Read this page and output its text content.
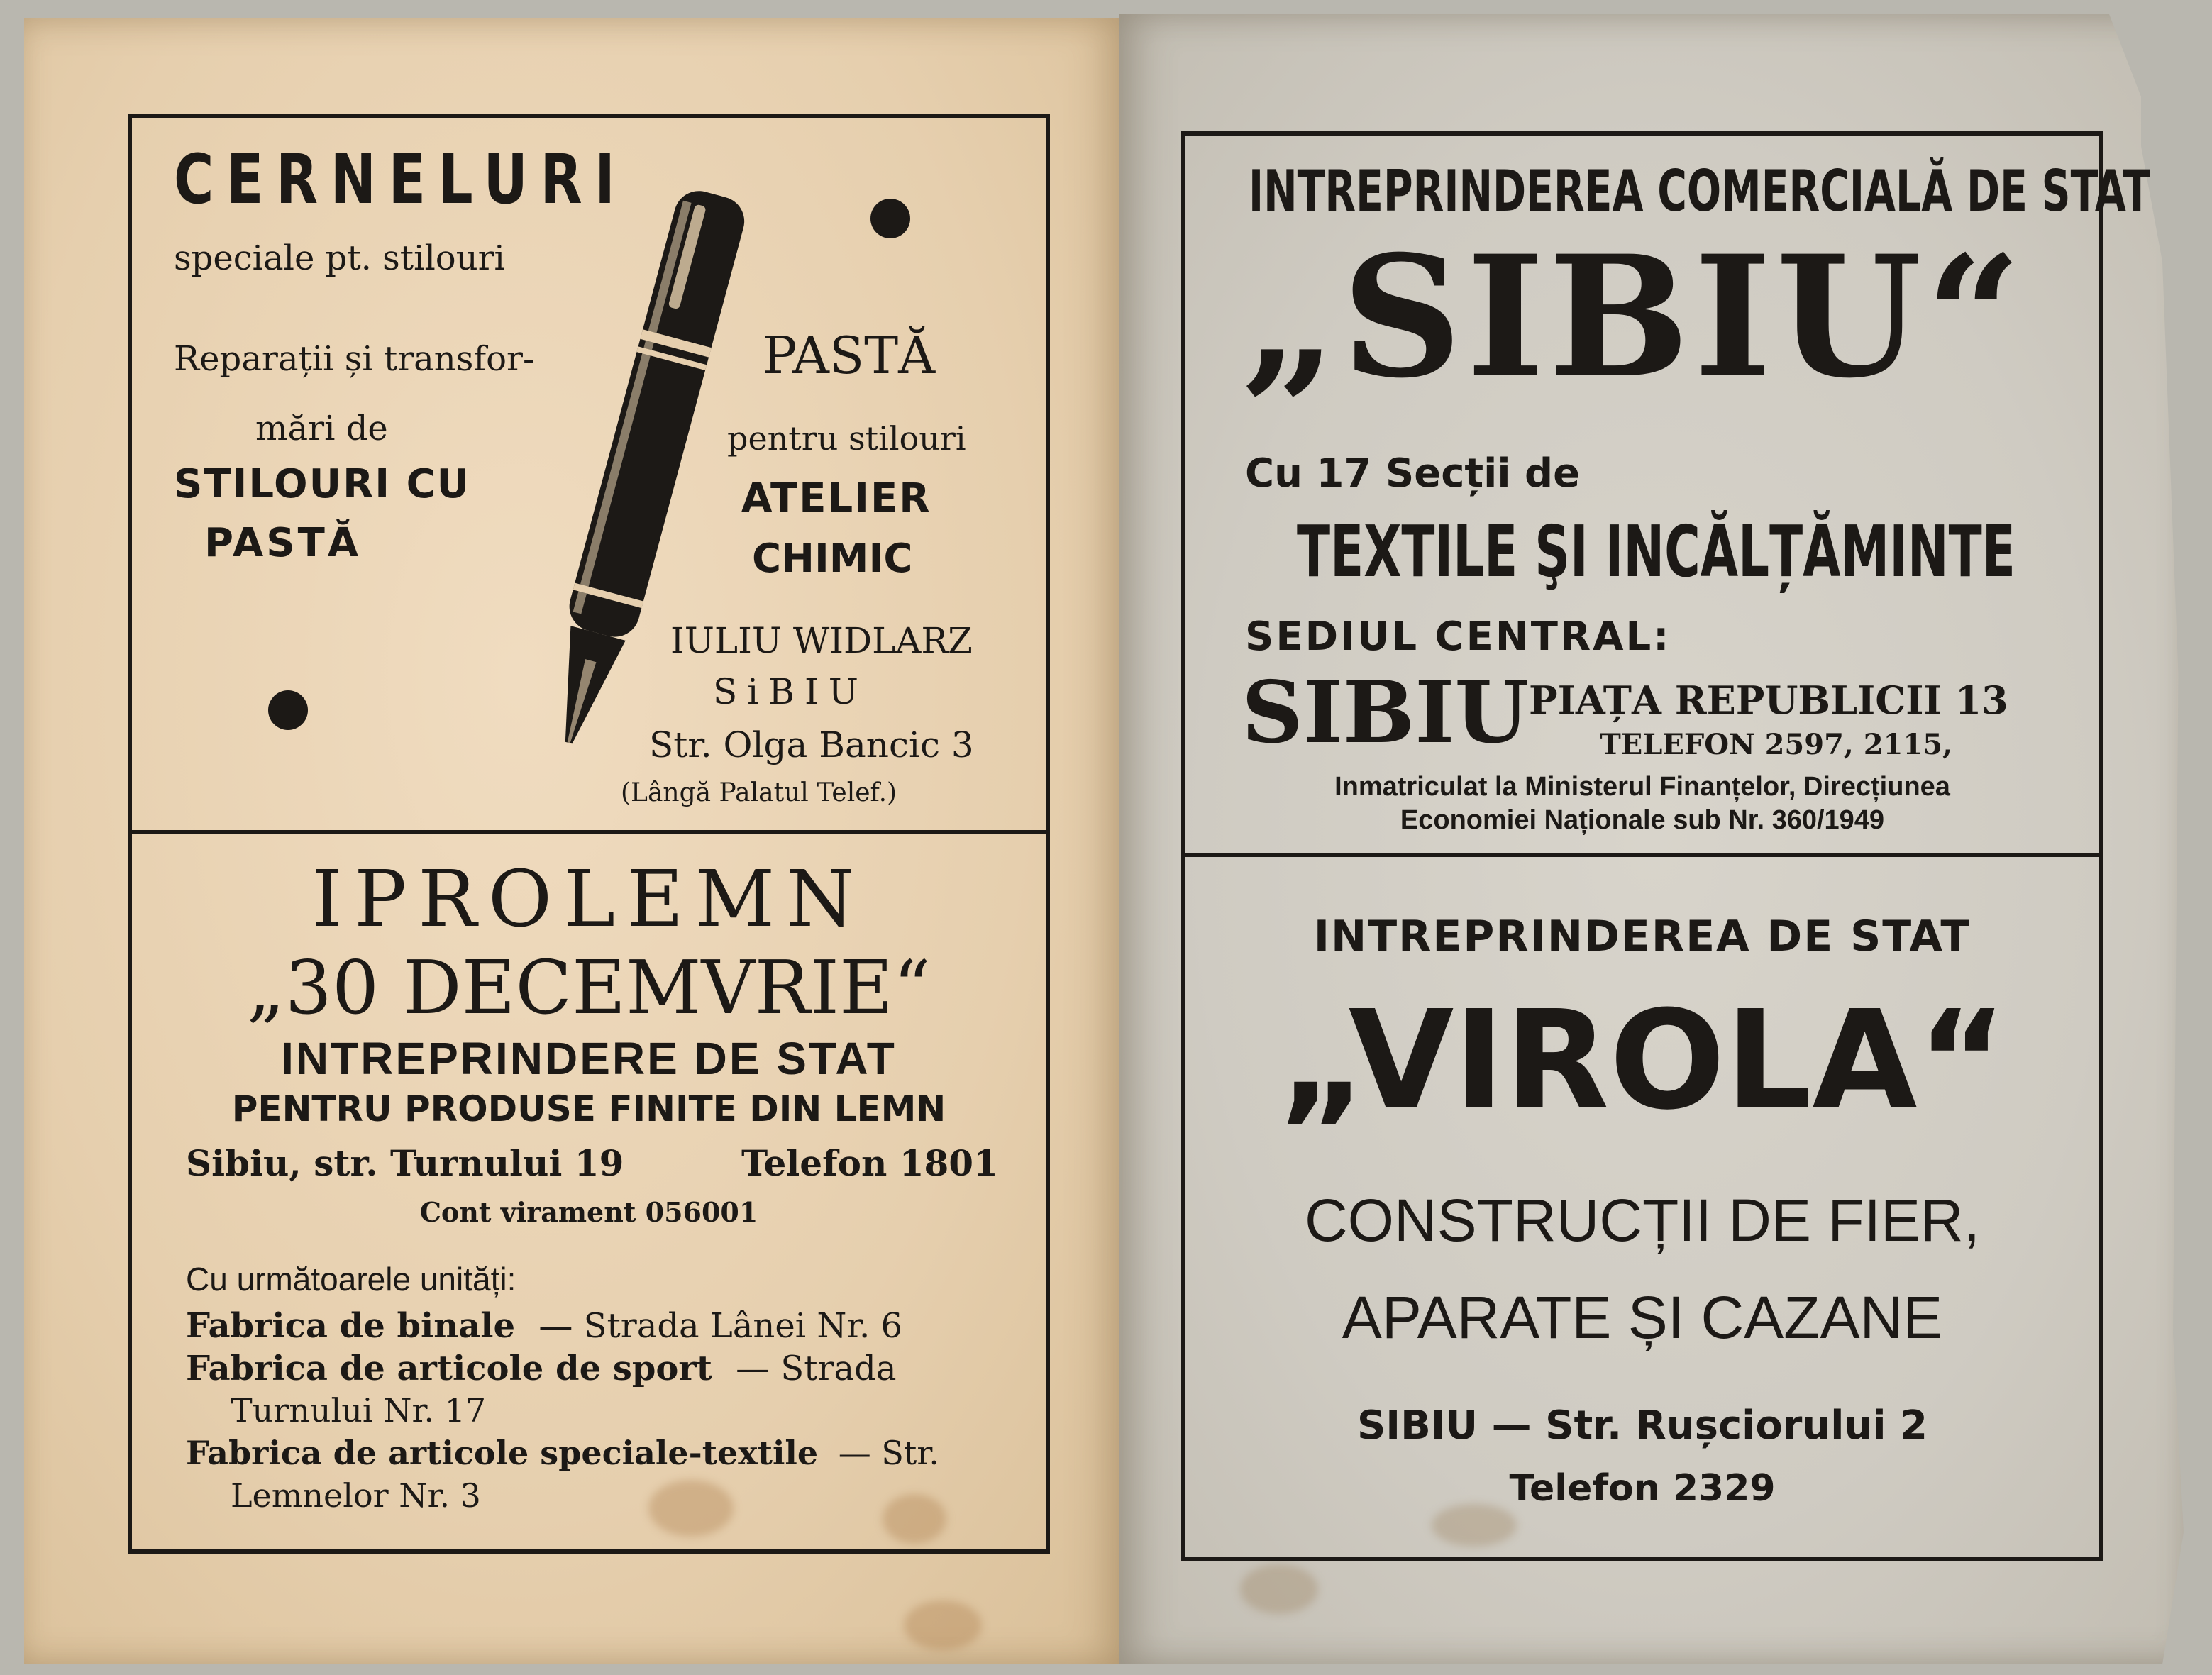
CERNELURI
speciale pt. stilouri
Reparații și transfor-
mări de
STILOURI CU
PASTĂ
PASTĂ
pentru stilouri
ATELIER
CHIMIC
IULIU WIDLARZ
SiBIU
Str. Olga Bancic 3
(Lângă Palatul Telef.)
IPROLEMN
„30 DECEMVRIE“
INTREPRINDERE DE STAT
PENTRU PRODUSE FINITE DIN LEMN
Sibiu, str. Turnului 19	Telefon 1801
Cont virament 056001
Cu următoarele unități:
Fabrica de binale — Strada Lânei Nr. 6
Fabrica de articole de sport — Strada
Turnului Nr. 17
Fabrica de articole speciale-textile — Str.
Lemnelor Nr. 3
INTREPRINDEREA COMERCIALĂ DE STAT
„SIBIU“
Cu 17 Secții de
TEXTILE ŞI INCĂLȚĂMINTE
SEDIUL CENTRAL:
SIBIU PIAȚA REPUBLICII 13
TELEFON 2597, 2115,
Inmatriculat la Ministerul Finanțelor, Direcțiunea
Economiei Naționale sub Nr. 360/1949
INTREPRINDEREA DE STAT
„VIROLA“
CONSTRUCȚII DE FIER,
APARATE ȘI CAZANE
SIBIU — Str. Rușciorului 2
Telefon 2329
